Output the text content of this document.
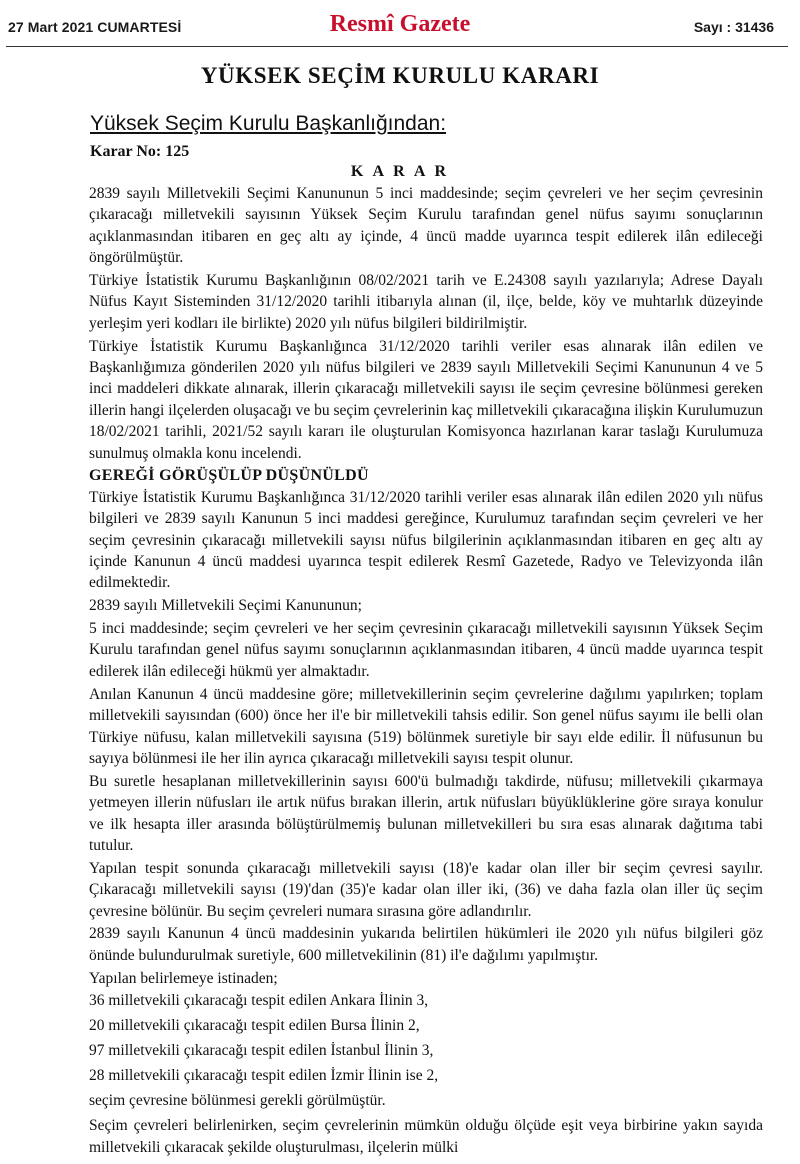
27 Mart 2021 CUMARTESİ	Resmî Gazete	Sayı : 31436
YÜKSEK SEÇİM KURULU KARARI
Yüksek Seçim Kurulu Başkanlığından:
Karar No: 125
K A R A R

2839 sayılı Milletvekili Seçimi Kanununun 5 inci maddesinde; seçim çevreleri ve her seçim çevresinin çıkaracağı milletvekili sayısının Yüksek Seçim Kurulu tarafından genel nüfus sayımı sonuçlarının açıklanmasından itibaren en geç altı ay içinde, 4 üncü madde uyarınca tespit edilerek ilân edileceği öngörülmüştür.

Türkiye İstatistik Kurumu Başkanlığının 08/02/2021 tarih ve E.24308 sayılı yazılarıyla; Adrese Dayalı Nüfus Kayıt Sisteminden 31/12/2020 tarihli itibarıyla alınan (il, ilçe, belde, köy ve muhtarlık düzeyinde yerleşim yeri kodları ile birlikte) 2020 yılı nüfus bilgileri bildirilmiştir.

Türkiye İstatistik Kurumu Başkanlığınca 31/12/2020 tarihli veriler esas alınarak ilân edilen ve Başkanlığımıza gönderilen 2020 yılı nüfus bilgileri ve 2839 sayılı Milletvekili Seçimi Kanununun 4 ve 5 inci maddeleri dikkate alınarak, illerin çıkaracağı milletvekili sayısı ile seçim çevresine bölünmesi gereken illerin hangi ilçelerden oluşacağı ve bu seçim çevrelerinin kaç milletvekili çıkaracağına ilişkin Kurulumuzun 18/02/2021 tarihli, 2021/52 sayılı kararı ile oluşturulan Komisyonca hazırlanan karar taslağı Kurulumuza sunulmuş olmakla konu incelendi.

GEREĞİ GÖRÜŞÜLÜP DÜŞÜNÜLDÜ

Türkiye İstatistik Kurumu Başkanlığınca 31/12/2020 tarihli veriler esas alınarak ilân edilen 2020 yılı nüfus bilgileri ve 2839 sayılı Kanunun 5 inci maddesi gereğince, Kurulumuz tarafından seçim çevreleri ve her seçim çevresinin çıkaracağı milletvekili sayısı nüfus bilgilerinin açıklanmasından itibaren en geç altı ay içinde Kanunun 4 üncü maddesi uyarınca tespit edilerek Resmî Gazetede, Radyo ve Televizyonda ilân edilmektedir.

2839 sayılı Milletvekili Seçimi Kanununun;

5 inci maddesinde; seçim çevreleri ve her seçim çevresinin çıkaracağı milletvekili sayısının Yüksek Seçim Kurulu tarafından genel nüfus sayımı sonuçlarının açıklanmasından itibaren, 4 üncü madde uyarınca tespit edilerek ilân edileceği hükmü yer almaktadır.

Anılan Kanunun 4 üncü maddesine göre; milletvekillerinin seçim çevrelerine dağılımı yapılırken; toplam milletvekili sayısından (600) önce her il'e bir milletvekili tahsis edilir. Son genel nüfus sayımı ile belli olan Türkiye nüfusu, kalan milletvekili sayısına (519) bölünmek suretiyle bir sayı elde edilir. İl nüfusunun bu sayıya bölünmesi ile her ilin ayrıca çıkaracağı milletvekili sayısı tespit olunur.

Bu suretle hesaplanan milletvekillerinin sayısı 600'ü bulmadığı takdirde, nüfusu; milletvekili çıkarmaya yetmeyen illerin nüfusları ile artık nüfus bırakan illerin, artık nüfusları büyüklüklerine göre sıraya konulur ve ilk hesapta iller arasında bölüştürülmemiş bulunan milletvekilleri bu sıra esas alınarak dağıtıma tabi tutulur.

Yapılan tespit sonunda çıkaracağı milletvekili sayısı (18)'e kadar olan iller bir seçim çevresi sayılır. Çıkaracağı milletvekili sayısı (19)'dan (35)'e kadar olan iller iki, (36) ve daha fazla olan iller üç seçim çevresine bölünür. Bu seçim çevreleri numara sırasına göre adlandırılır.

2839 sayılı Kanunun 4 üncü maddesinin yukarıda belirtilen hükümleri ile 2020 yılı nüfus bilgileri göz önünde bulundurulmak suretiyle, 600 milletvekilinin (81) il'e dağılımı yapılmıştır.

Yapılan belirlemeye istinaden;

36 milletvekili çıkaracağı tespit edilen Ankara İlinin 3,
20 milletvekili çıkaracağı tespit edilen Bursa İlinin 2,
97 milletvekili çıkaracağı tespit edilen İstanbul İlinin 3,
28 milletvekili çıkaracağı tespit edilen İzmir İlinin ise 2,
seçim çevresine bölünmesi gerekli görülmüştür.

Seçim çevreleri belirlenirken, seçim çevrelerinin mümkün olduğu ölçüde eşit veya birbirine yakın sayıda milletvekili çıkaracak şekilde oluşturulması, ilçelerin mülki
